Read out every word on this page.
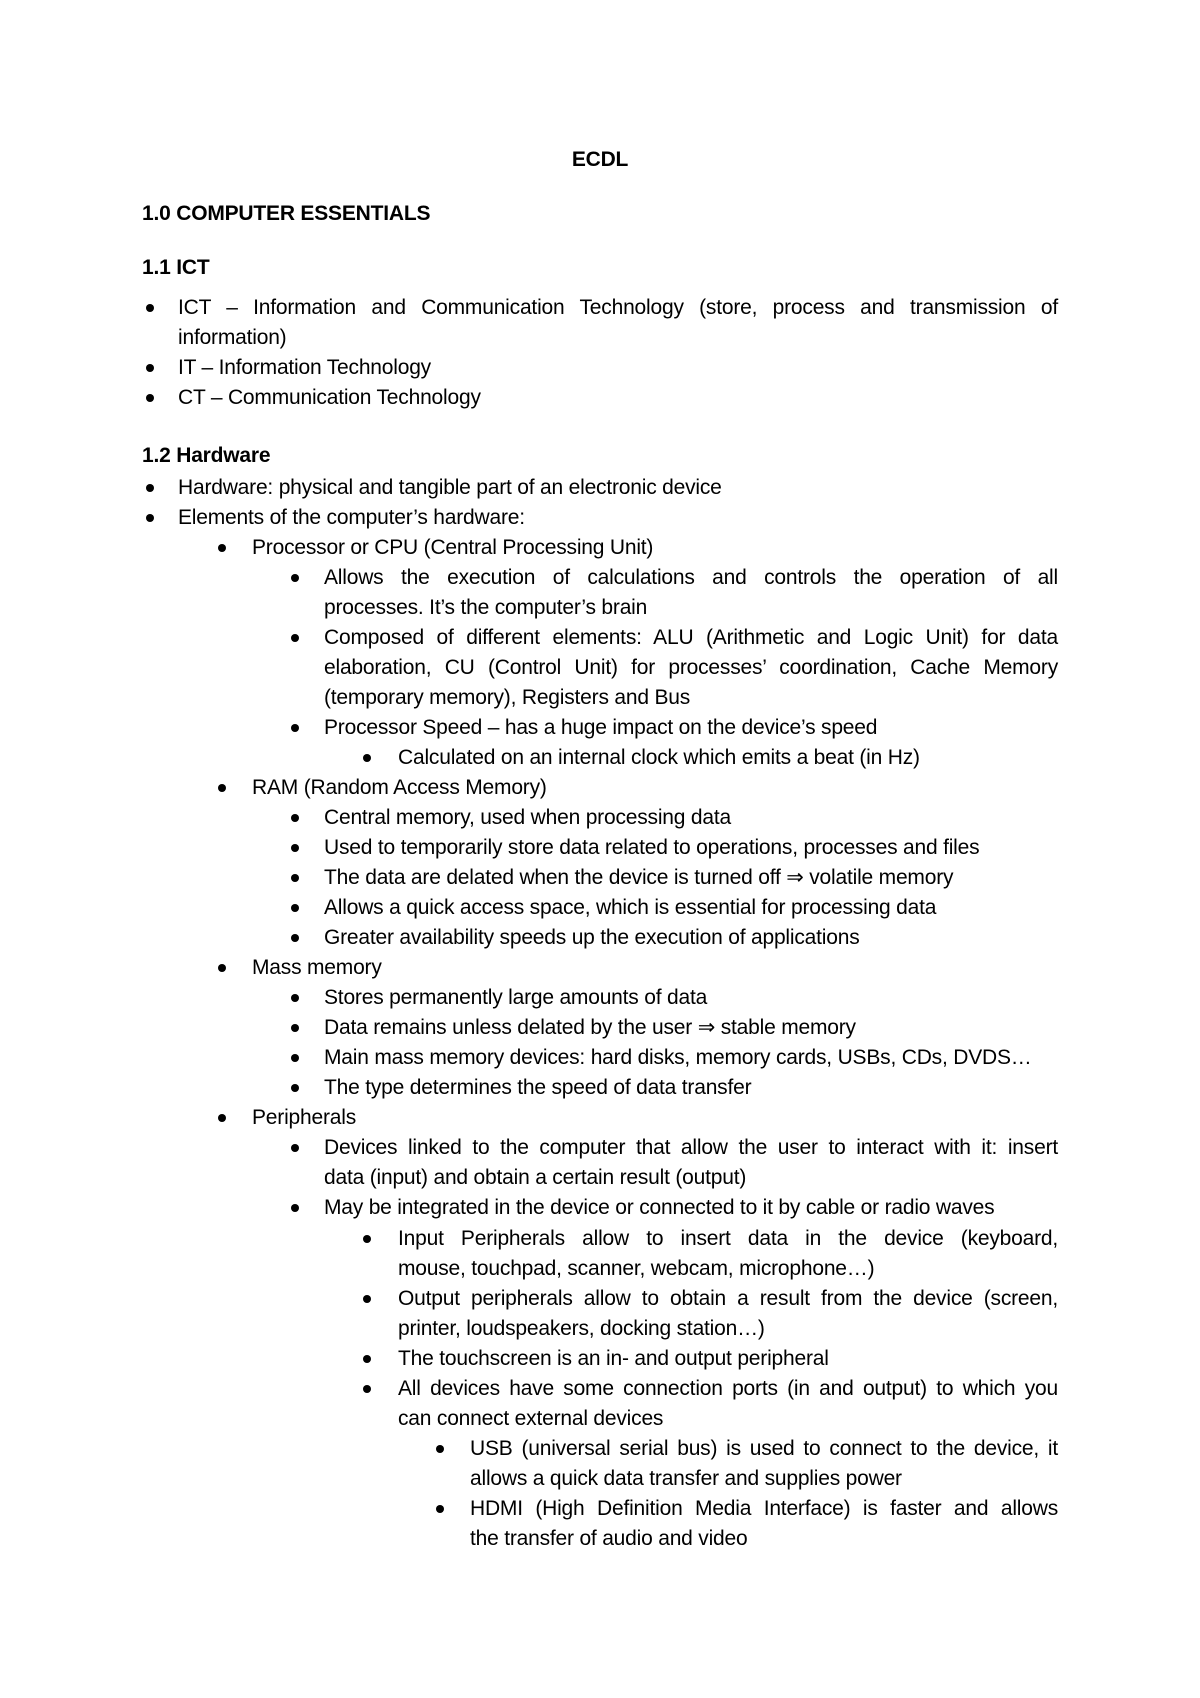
ECDL
1.0 COMPUTER ESSENTIALS
1.1 ICT
ICT – Information and Communication Technology (store, process and transmission of
information)
IT – Information Technology
CT – Communication Technology
1.2 Hardware
Hardware: physical and tangible part of an electronic device
Elements of the computer’s hardware:
Processor or CPU (Central Processing Unit)
Allows the execution of calculations and controls the operation of all
processes. It’s the computer’s brain
Composed of different elements: ALU (Arithmetic and Logic Unit) for data
elaboration, CU (Control Unit) for processes’ coordination, Cache Memory
(temporary memory), Registers and Bus
Processor Speed – has a huge impact on the device’s speed
Calculated on an internal clock which emits a beat (in Hz)
RAM (Random Access Memory)
Central memory, used when processing data
Used to temporarily store data related to operations, processes and files
The data are delated when the device is turned off ⇒ volatile memory
Allows a quick access space, which is essential for processing data
Greater availability speeds up the execution of applications
Mass memory
Stores permanently large amounts of data
Data remains unless delated by the user ⇒ stable memory
Main mass memory devices: hard disks, memory cards, USBs, CDs, DVDS…
The type determines the speed of data transfer
Peripherals
Devices linked to the computer that allow the user to interact with it: insert
data (input) and obtain a certain result (output)
May be integrated in the device or connected to it by cable or radio waves
Input Peripherals allow to insert data in the device (keyboard,
mouse, touchpad, scanner, webcam, microphone…)
Output peripherals allow to obtain a result from the device (screen,
printer, loudspeakers, docking station…)
The touchscreen is an in- and output peripheral
All devices have some connection ports (in and output) to which you
can connect external devices
USB (universal serial bus) is used to connect to the device, it
allows a quick data transfer and supplies power
HDMI (High Definition Media Interface) is faster and allows
the transfer of audio and video
